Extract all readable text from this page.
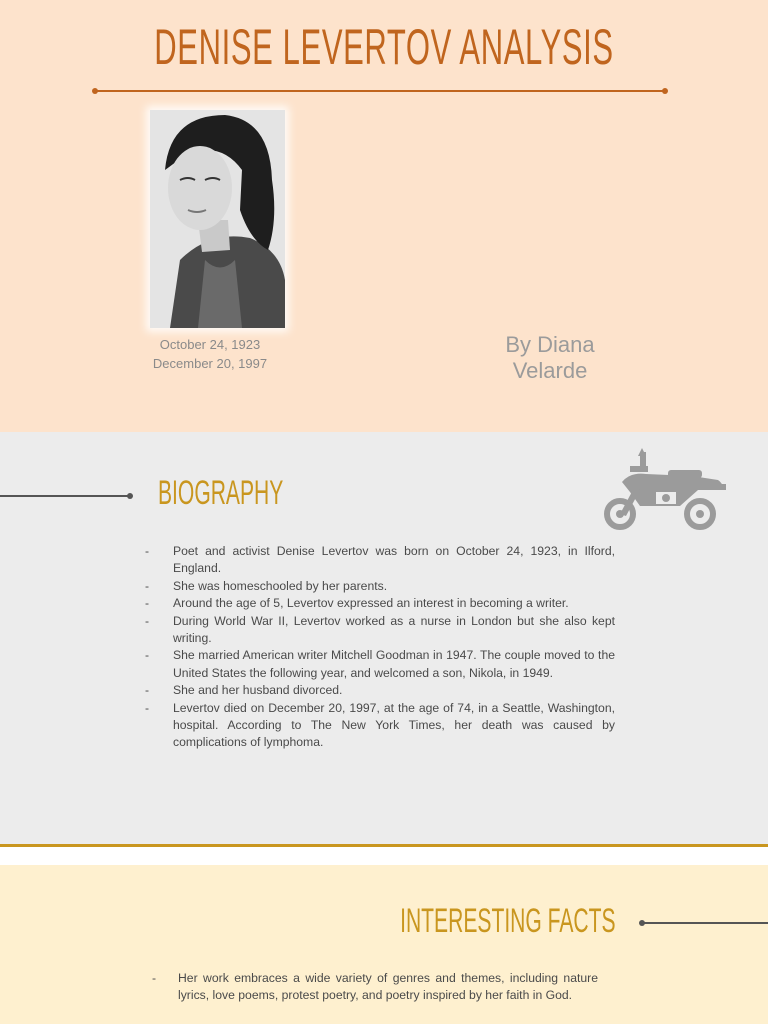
DENISE LEVERTOV ANALYSIS
October 24, 1923
December 20, 1997
By Diana Velarde
BIOGRAPHY
- Poet and activist Denise Levertov was born on October 24, 1923, in Ilford, England.
- She was homeschooled by her parents.
- Around the age of 5, Levertov expressed an interest in becoming a writer.
- During World War II, Levertov worked as a nurse in London but she also kept writing.
- She married American writer Mitchell Goodman in 1947. The couple moved to the United States the following year, and welcomed a son, Nikola, in 1949.
- She and her husband divorced.
- Levertov died on December 20, 1997, at the age of 74, in a Seattle, Washington, hospital. According to The New York Times, her death was caused by complications of lymphoma.
INTERESTING FACTS
- Her work embraces a wide variety of genres and themes, including nature lyrics, love poems, protest poetry, and poetry inspired by her faith in God.
